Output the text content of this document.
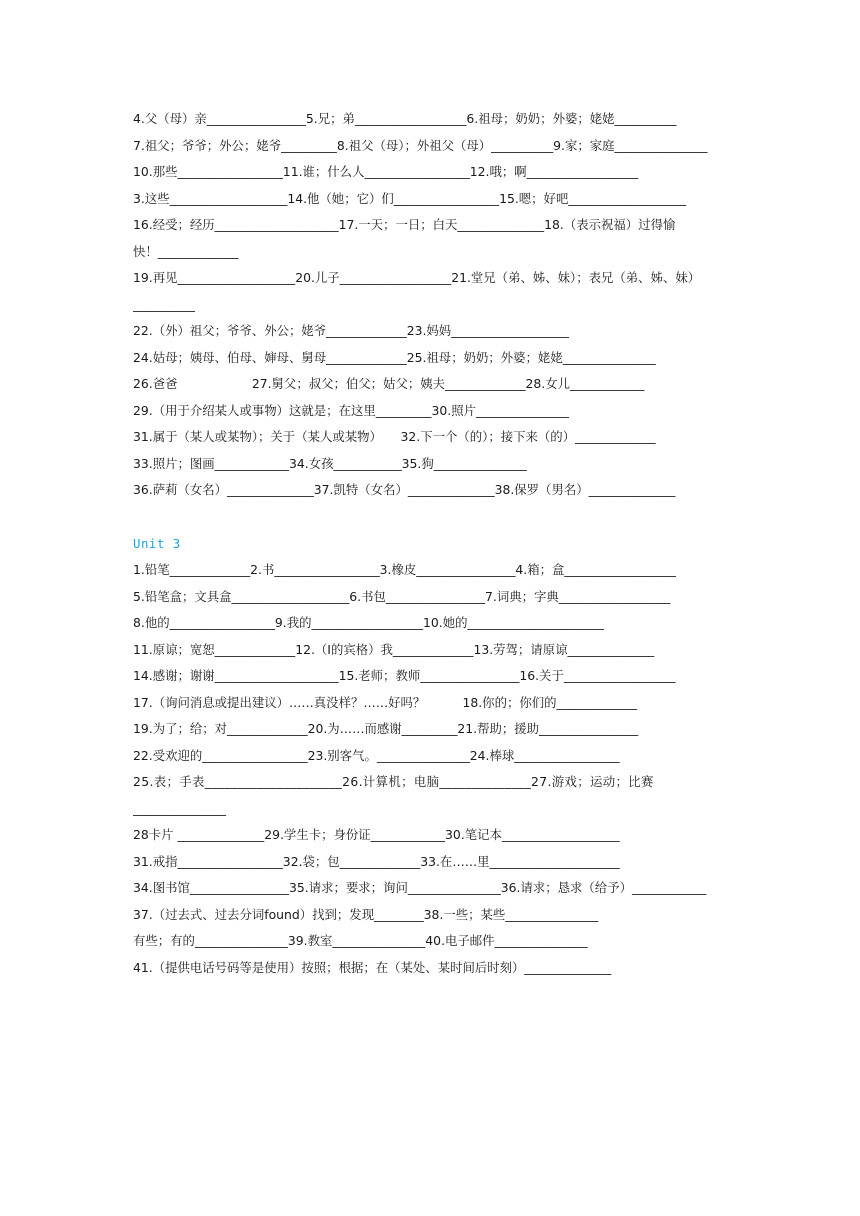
4.父（母）亲________________5.兄；弟__________________6.祖母；奶奶；外婆；姥姥__________
7.祖父；爷爷；外公；姥爷_________8.祖父（母）；外祖父（母）__________9.家；家庭_______________
10.那些_________________11.谁；什么人_________________12.哦；啊__________________
3.这些___________________14.他（她；它）们_________________15.嗯；好吧___________________
16.经受；经历____________________17.一天；一日；白天______________18.（表示祝福）过得愉
快！_____________
19.再见___________________20.儿子__________________21.堂兄（弟、姊、妹）；表兄（弟、姊、妹）
__________
22.（外）祖父；爷爷、外公；姥爷_____________23.妈妈___________________
24.姑母；姨母、伯母、婶母、舅母_____________25.祖母；奶奶；外婆；姥姥_______________
26.爸爸　　　　　　27.舅父；叔父；伯父；姑父；姨夫_____________28.女儿____________
29.（用于介绍某人或事物）这就是；在这里_________30.照片_______________
31.属于（某人或某物）；关于（某人或某物）　　32.下一个（的）；接下来（的）_____________
33.照片；图画____________34.女孩___________35.狗_______________
36.萨莉（女名）______________37.凯特（女名）______________38.保罗（男名）______________
Unit 3
1.铅笔_____________2.书_________________3.橡皮________________4.箱；盒__________________
5.铅笔盒；文具盒___________________6.书包________________7.词典；字典__________________
8.他的_________________9.我的__________________10.她的______________________
11.原谅；宽恕_____________12.（I的宾格）我_____________13.劳驾；请原谅______________
14.感谢；谢谢____________________15.老师；教师________________16.关于__________________
17.（询问消息或提出建议）……真没样？……好吗？　　　18.你的；你们的_____________
19.为了；给；对_____________20.为……而感谢_________21.帮助；援助________________
22.受欢迎的_________________23.别客气。_______________24.棒球_________________
25.表；手表_____________________26.计算机；电脑______________27.游戏；运动；比赛
_______________
28卡片 ______________29.学生卡；身份证____________30.笔记本___________________
31.戒指_________________32.袋；包_____________33.在……里_____________________
34.图书馆________________35.请求；要求；询问_______________36.请求；恳求（给予）____________
37.（过去式、过去分词found）找到；发现________38.一些；某些_______________
有些；有的_______________39.教室_______________40.电子邮件_______________
41.（提供电话号码等是使用）按照；根据；在（某处、某时间后时刻）______________
